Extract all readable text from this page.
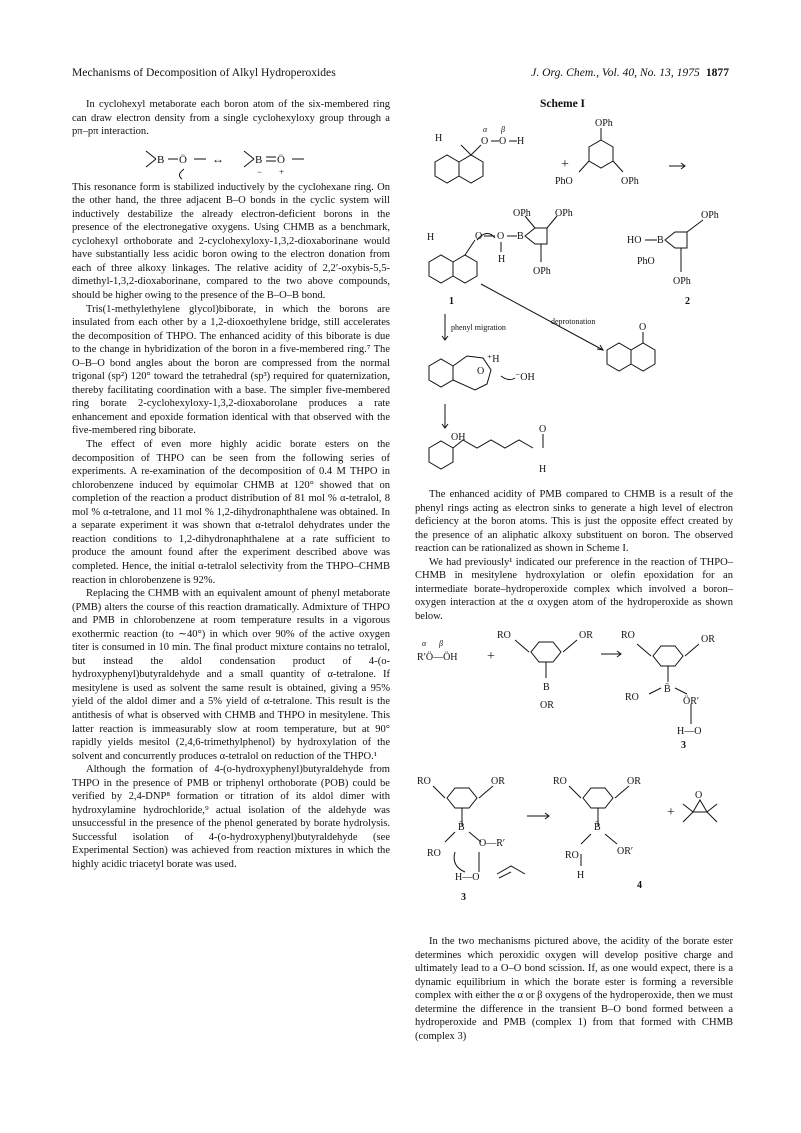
Mechanisms of Decomposition of Alkyl Hydroperoxides	J. Org. Chem., Vol. 40, No. 13, 1975 1877

In cyclohexyl metaborate each boron atom of the six-membered ring can draw electron density from a single cyclohexyloxy group through a pπ–pπ interaction.

B Ö ↔	B Ö
− +

This resonance form is stabilized inductively by the cyclohexane ring. On the other hand, the three adjacent B–O bonds in the cyclic system will inductively destabilize the already electron-deficient borons in the presence of the electronegative oxygens. Using CHMB as a benchmark, cyclohexyl orthoborate and 2-cyclohexyloxy-1,3,2-dioxaborinane would have substantially less acidic boron owing to the electron donation from each of three alkoxy linkages. The relative acidity of 2,2′-oxybis-5,5-dimethyl-1,3,2-dioxaborinane, compared to the two above compounds, should be higher owing to the presence of the B–O–B bond.

Tris(1-methylethylene glycol)biborate, in which the borons are insulated from each other by a 1,2-dioxoethylene bridge, still accelerates the decomposition of THPO. The enhanced acidity of this biborate is due to the change in hybridization of the boron in a five-membered ring.⁷ The O–B–O bond angles about the boron are compressed from the normal trigonal (sp²) 120° toward the tetrahedral (sp³) required for quaternization, thereby facilitating coordination with a base. The simpler five-membered ring borate 2-cyclohexyloxy-1,3,2-dioxaborolane produces a rate enhancement and epoxide formation identical with that observed with the five-membered ring biborate.

The effect of even more highly acidic borate esters on the decomposition of THPO can be seen from the following series of experiments. A re-examination of the decomposition of 0.4 M THPO in chlorobenzene induced by equimolar CHMB at 120° showed that on completion of the reaction a product distribution of 81 mol % α-tetralol, 8 mol % α-tetralone, and 11 mol % 1,2-dihydronaphthalene was obtained. In a separate experiment it was shown that α-tetralol dehydrates under the reaction conditions to 1,2-dihydronaphthalene at a rate sufficient to produce the amount found after the experiment described above was completed. Hence, the initial α-tetralol selectivity from the THPO–CHMB reaction in chlorobenzene is 92%.

Replacing the CHMB with an equivalent amount of phenyl metaborate (PMB) alters the course of this reaction dramatically. Admixture of THPO and PMB in chlorobenzene at room temperature results in a vigorous exothermic reaction (to ∼40°) in which over 90% of the active oxygen titer is consumed in 10 min. The final product mixture contains no tetralol, but instead the aldol condensation product of 4-(o-hydroxyphenyl)butyraldehyde and a small quantity of α-tetralone. If mesitylene is used as solvent the same result is obtained, giving a 95% yield of the aldol dimer and a 5% yield of α-tetralone. This result is the antithesis of what is observed with CHMB and THPO in mesitylene. This latter reaction is immeasurably slow at room temperature, but at 90° rapidly yields mesitol (2,4,6-trimethylphenol) by hydroxylation of the solvent and concurrently produces α-tetralol on reduction of the THPO.¹

Although the formation of 4-(o-hydroxyphenyl)butyraldehyde from THPO in the presence of PMB or triphenyl orthoborate (POB) could be verified by 2,4-DNP⁸ formation or titration of its aldol dimer with hydroxylamine hydrochloride,⁹ actual isolation of the aldehyde was unsuccessful in the presence of the phenol generated by borate hydrolysis. Successful isolation of 4-(o-hydroxyphenyl)butyraldehyde (see Experimental Section) was achieved from reaction mixtures in which the highly acidic triacetyl borate was used.

Scheme I
H	O O H
α β
+
OPh
PhO	OPh
H	O O
H
B
OPh OPh
OPh
HO B
PhO
OPh
OPh
1	2
phenyl migration
deprotonation
O
⁺H
⁻OH
O
OH
O
H

The enhanced acidity of PMB compared to CHMB is a result of the phenyl rings acting as electron sinks to generate a high level of electron deficiency at the boron atoms. This is just the opposite effect created by the presence of an aliphatic alkoxy substituent on boron. The observed reaction can be rationalized as shown in Scheme I.

We had previously¹ indicated our preference in the reaction of THPO–CHMB in mesitylene hydroxylation or olefin epoxidation for an intermediate borate–hydroperoxide complex which involved a boron–oxygen interaction at the α oxygen atom of the hydroperoxide as shown below.

R′Ö—ÖH
α β
+
RO	OR
B
OR
RO	OR
B̄
RO	ÖR′
H—O
3
RO	OR
B̄
RO
O—R′
H—O
3
RO	OR
B̄
RO	OR′
H
4
+
O

In the two mechanisms pictured above, the acidity of the borate ester determines which peroxidic oxygen will develop positive charge and ultimately lead to a O–O bond scission. If, as one would expect, there is a dynamic equilibrium in which the borate ester is forming a reversible complex with either the α or β oxygens of the hydroperoxide, then we must determine the difference in the transient B–O bond formed between a hydroperoxide and PMB (complex 1) from that formed with CHMB (complex 3)
